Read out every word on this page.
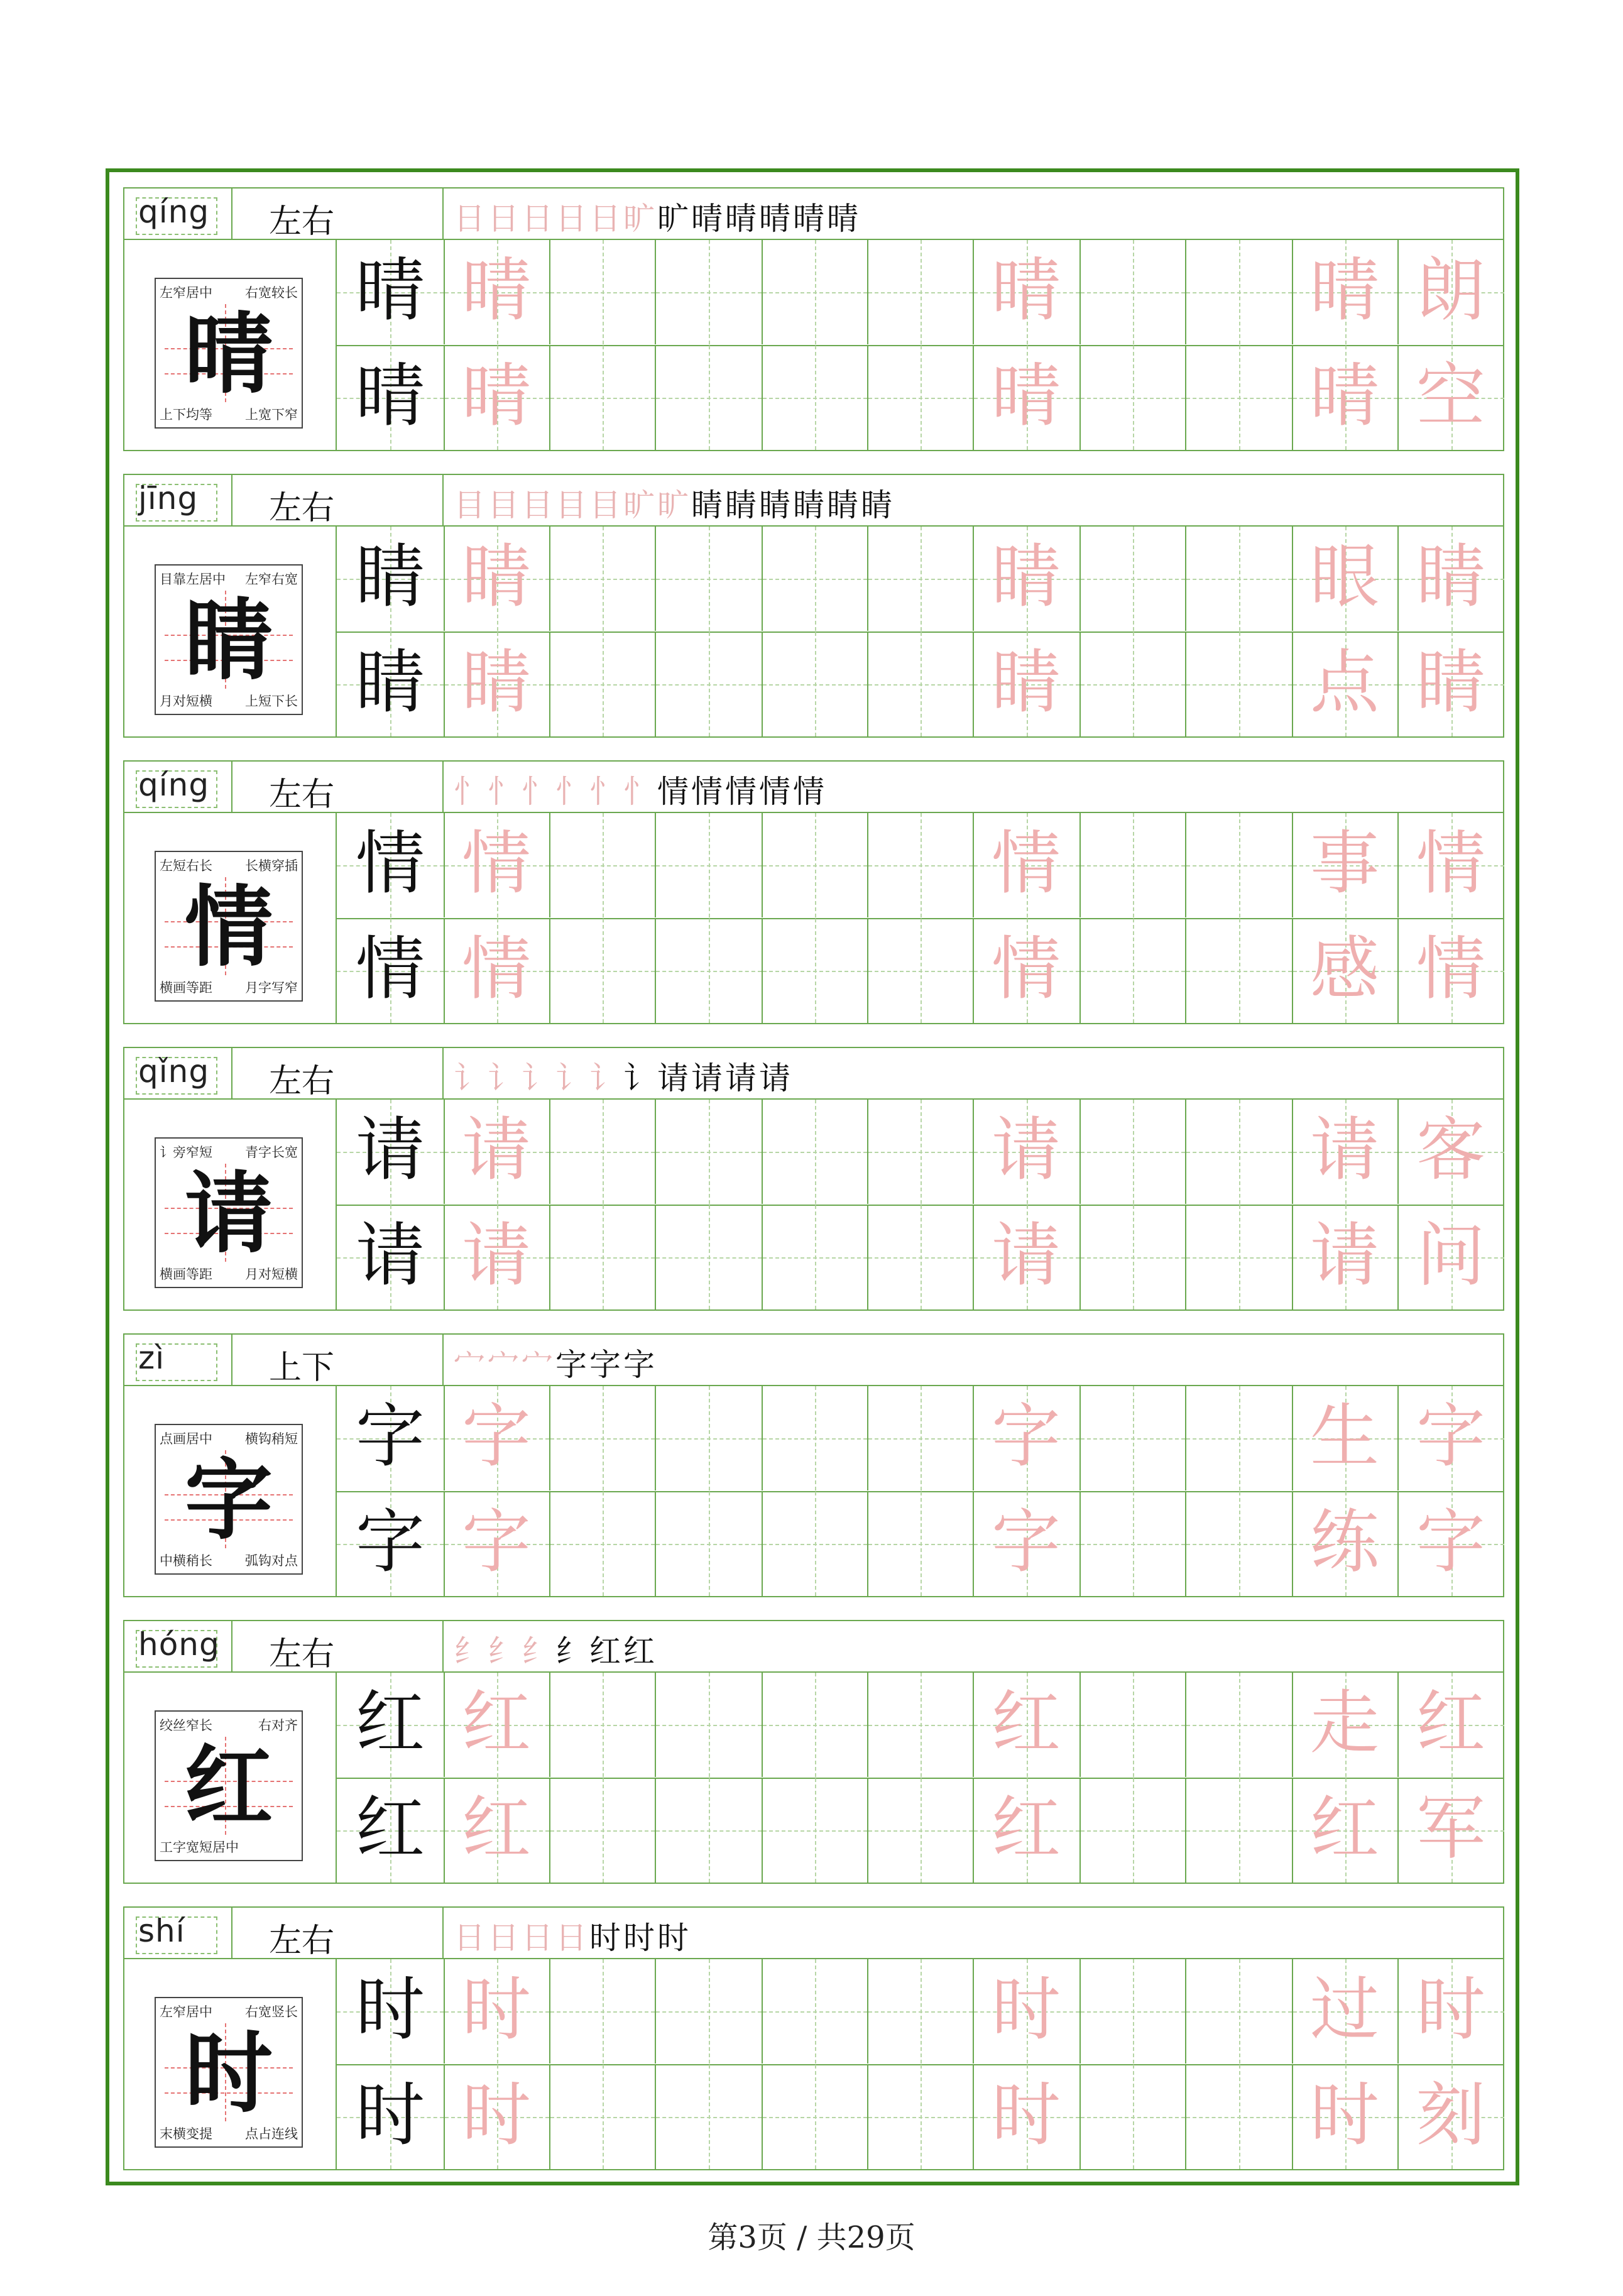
qíng 左右	日日日日日旷旷晴晴晴晴晴
左窄居中 右宽较长
晴
上下均等 上宽下窄
晴 晴	晴	晴 朗
晴 晴	晴	晴 空
jīng 左右	目目目目目旷旷睛睛睛睛睛睛
目靠左居中 左窄右宽
睛
月对短横 上短下长
睛 睛	睛	眼 睛
睛 睛	睛	点 睛
qíng 左右	忄忄忄忄忄忄情情情情情
左短右长 长横穿插
情
横画等距 月字写窄
情 情	情	事 情
情 情	情	感 情
qǐng 左右	讠讠讠讠讠讠请请请请
讠旁窄短 青字长宽
请
横画等距 月对短横
请 请	请	请 客
请 请	请	请 问
zì	上下	宀宀宀字字字
点画居中 横钩稍短
字
中横稍长 弧钩对点
字 字	字	生 字
字 字	字	练 字
hóng 左右	纟纟纟纟红红
绞丝窄长	右对齐
红
工字宽短居中
红 红	红	走 红
红 红	红	红 军
shí	左右	日日日日时时时
左窄居中 右宽竖长
时
末横变提 点占连线
时 时	时	过 时
时 时	时	时 刻
第3页 / 共29页
